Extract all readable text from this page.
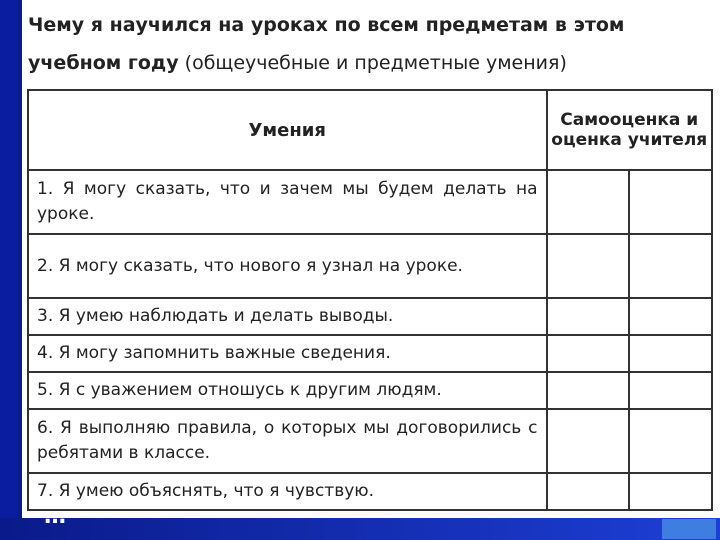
Чему я научился на уроках по всем предметам в этом учебном году (общеучебные и предметные умения)
Умения	Самооценка и оценка учителя	
1. Я могу сказать, что и зачем мы будем делать на уроке.		
2. Я могу сказать, что нового я узнал на уроке.		
3. Я умею наблюдать и делать выводы.		
4. Я могу запомнить важные сведения.		
5. Я с уважением отношусь к другим людям.		
6. Я выполняю правила, о которых мы договорились с ребятами в классе.		
7. Я умею объяснять, что я чувствую.		
…
